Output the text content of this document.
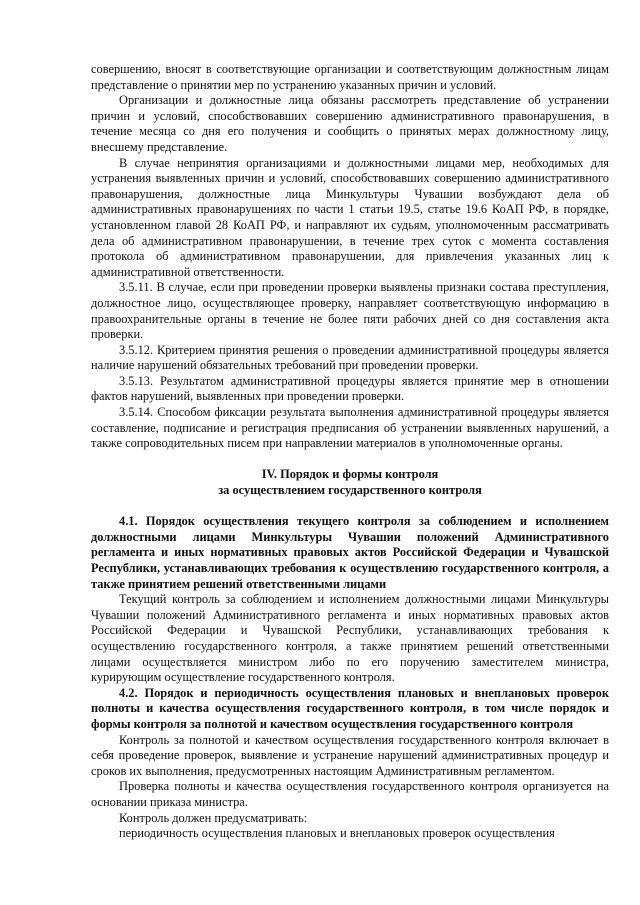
совершению, вносят в соответствующие организации и соответствующим должностным лицам представление о принятии мер по устранению указанных причин и условий.

Организации и должностные лица обязаны рассмотреть представление об устранении причин и условий, способствовавших совершению административного правонарушения, в течение месяца со дня его получения и сообщить о принятых мерах должностному лицу, внесшему представление.

В случае непринятия организациями и должностными лицами мер, необходимых для устранения выявленных причин и условий, способствовавших совершению административного правонарушения, должностные лица Минкультуры Чувашии возбуждают дела об административных правонарушениях по части 1 статьи 19.5, статье 19.6 КоАП РФ, в порядке, установленном главой 28 КоАП РФ, и направляют их судьям, уполномоченным рассматривать дела об административном правонарушении, в течение трех суток с момента составления протокола об административном правонарушении, для привлечения указанных лиц к административной ответственности.

3.5.11. В случае, если при проведении проверки выявлены признаки состава преступления, должностное лицо, осуществляющее проверку, направляет соответствующую информацию в правоохранительные органы в течение не более пяти рабочих дней со дня составления акта проверки.

3.5.12. Критерием принятия решения о проведении административной процедуры является наличие нарушений обязательных требований при проведении проверки.

3.5.13. Результатом административной процедуры является принятие мер в отношении фактов нарушений, выявленных при проведении проверки.

3.5.14. Способом фиксации результата выполнения административной процедуры является составление, подписание и регистрация предписания об устранении выявленных нарушений, а также сопроводительных писем при направлении материалов в уполномоченные органы.

IV. Порядок и формы контроля

за осуществлением государственного контроля

4.1. Порядок осуществления текущего контроля за соблюдением и исполнением должностными лицами Минкультуры Чувашии положений Административного регламента и иных нормативных правовых актов Российской Федерации и Чувашской Республики, устанавливающих требования к осуществлению государственного контроля, а также принятием решений ответственными лицами

Текущий контроль за соблюдением и исполнением должностными лицами Минкультуры Чувашии положений Административного регламента и иных нормативных правовых актов Российской Федерации и Чувашской Республики, устанавливающих требования к осуществлению государственного контроля, а также принятием решений ответственными лицами осуществляется министром либо по его поручению заместителем министра, курирующим осуществление государственного контроля.

4.2. Порядок и периодичность осуществления плановых и внеплановых проверок полноты и качества осуществления государственного контроля, в том числе порядок и формы контроля за полнотой и качеством осуществления государственного контроля

Контроль за полнотой и качеством осуществления государственного контроля включает в себя проведение проверок, выявление и устранение нарушений административных процедур и сроков их выполнения, предусмотренных настоящим Административным регламентом.

Проверка полноты и качества осуществления государственного контроля организуется на основании приказа министра.

Контроль должен предусматривать:

периодичность осуществления плановых и внеплановых проверок осуществления
